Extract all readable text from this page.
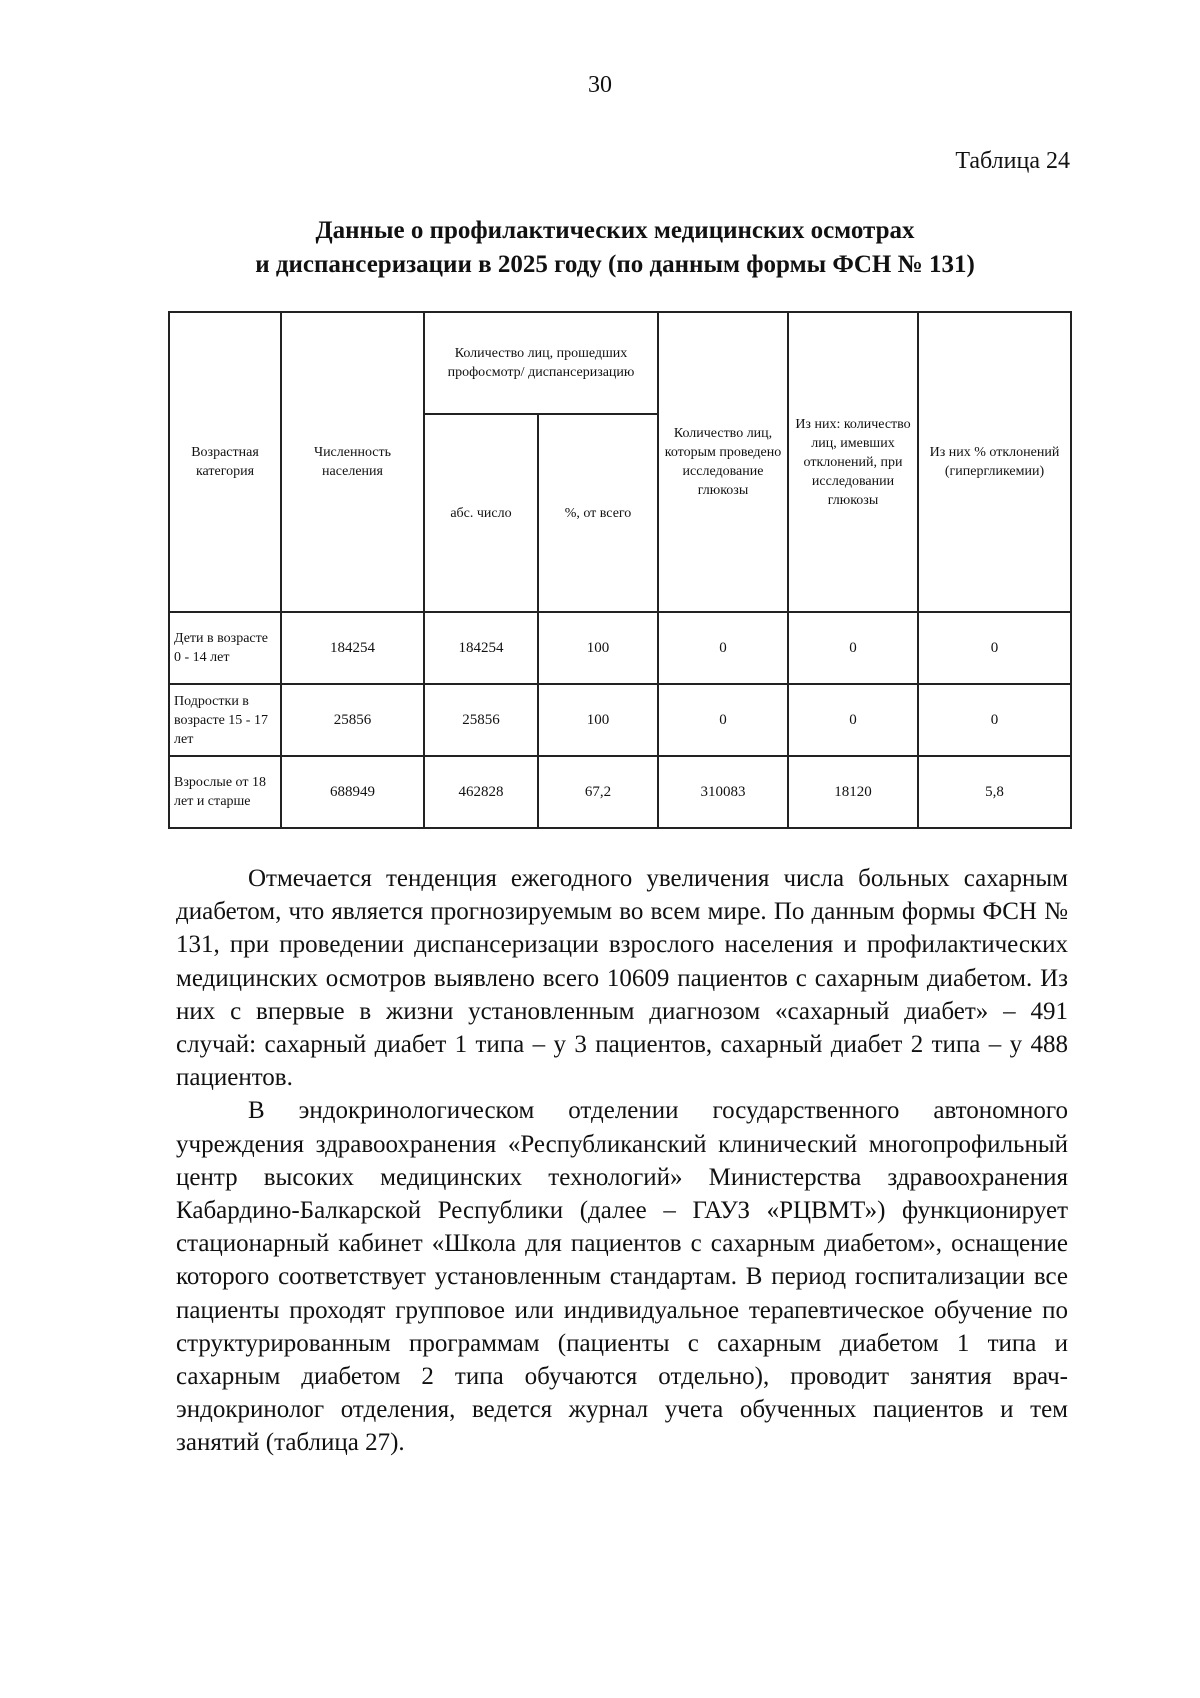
30
Таблица 24
Данные о профилактических медицинских осмотрах
и диспансеризации в 2025 году (по данным формы ФСН № 131)
Возрастная категория	Численность населения	Количество лиц, прошедших профосмотр/ диспансеризацию		Количество лиц, которым проведено исследование глюкозы	Из них: количество лиц, имевших отклонений, при исследовании глюкозы	Из них % отклонений (гипергликемии)
		абс. число	%, от всего			
Дети в возрасте 0 - 14 лет	184254	184254	100	0	0	0
Подростки в возрасте 15 - 17 лет	25856	25856	100	0	0	0
Взрослые от 18 лет и старше	688949	462828	67,2	310083	18120	5,8

Отмечается тенденция ежегодного увеличения числа больных сахарным диабетом, что является прогнозируемым во всем мире. По данным формы ФСН № 131, при проведении диспансеризации взрослого населения и профилактических медицинских осмотров выявлено всего 10609 пациентов с сахарным диабетом. Из них с впервые в жизни установленным диагнозом «сахарный диабет» – 491 случай: сахарный диабет 1 типа – у 3 пациентов, сахарный диабет 2 типа – у 488 пациентов.

В эндокринологическом отделении государственного автономного учреждения здравоохранения «Республиканский клинический многопрофильный центр высоких медицинских технологий» Министерства здравоохранения Кабардино-Балкарской Республики (далее – ГАУЗ «РЦВМТ») функционирует стационарный кабинет «Школа для пациентов с сахарным диабетом», оснащение которого соответствует установленным стандартам. В период госпитализации все пациенты проходят групповое или индивидуальное терапевтическое обучение по структурированным программам (пациенты с сахарным диабетом 1 типа и сахарным диабетом 2 типа обучаются отдельно), проводит занятия врач-эндокринолог отделения, ведется журнал учета обученных пациентов и тем занятий (таблица 27).
